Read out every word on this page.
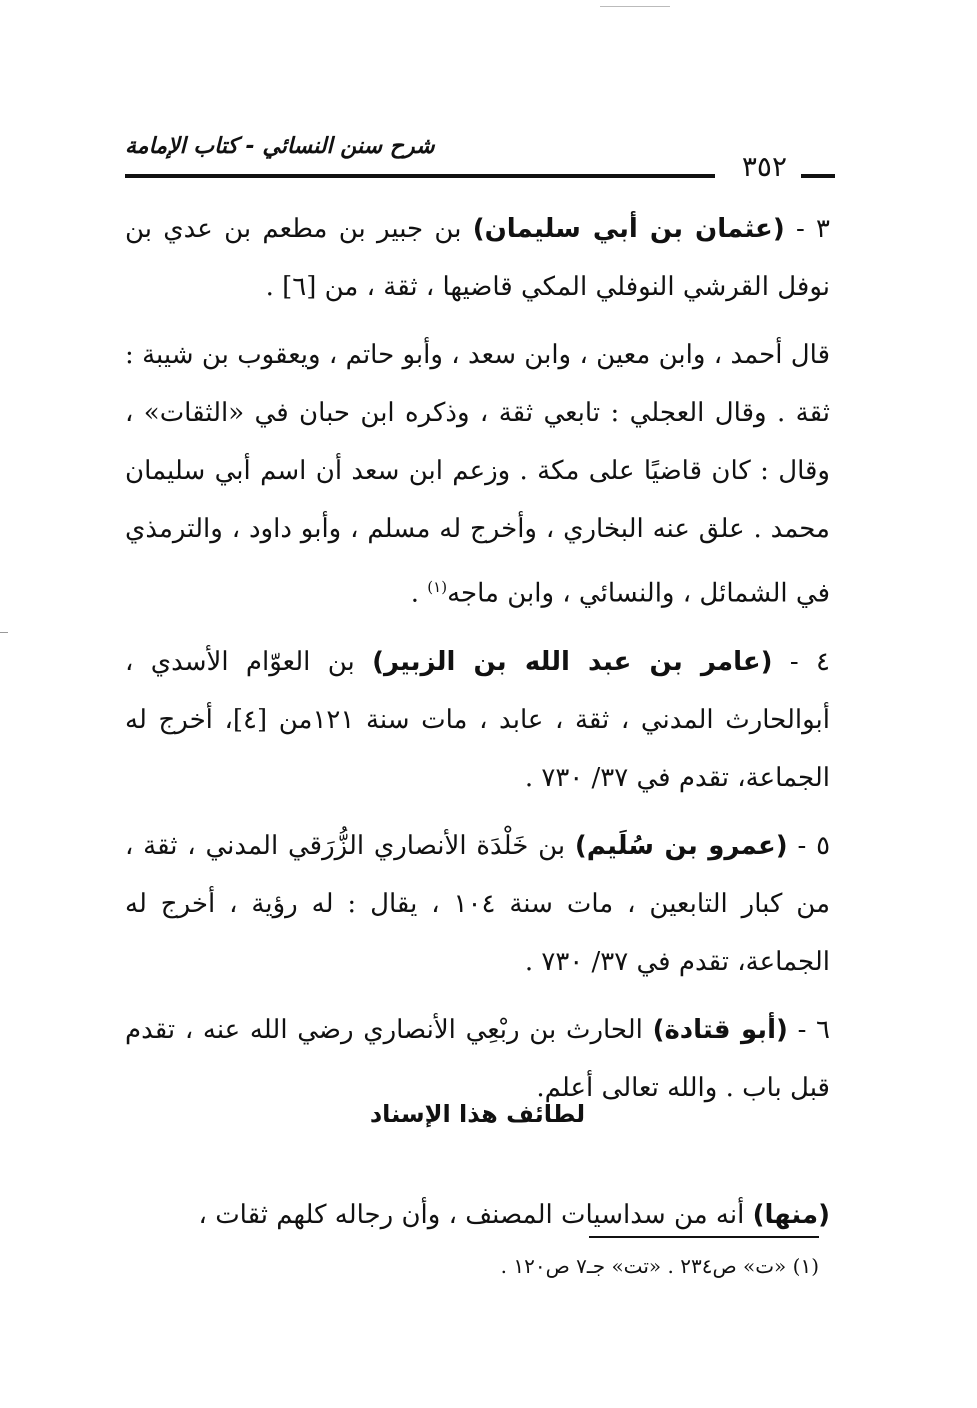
٣٥٢
شرح سنن النسائي - كتاب الإمامة

٣ - (عثمان بن أبي سليمان) بن جبير بن مطعم بن عدي بن نوفل القرشي النوفلي المكي قاضيها ، ثقة ، من [٦] .

قال أحمد ، وابن معين ، وابن سعد ، وأبو حاتم ، ويعقوب بن شيبة : ثقة . وقال العجلي : تابعي ثقة ، وذكره ابن حبان في «الثقات» ، وقال : كان قاضيًا على مكة . وزعم ابن سعد أن اسم أبي سليمان محمد . علق عنه البخاري ، وأخرج له مسلم ، وأبو داود ، والترمذي في الشمائل ، والنسائي ، وابن ماجه$^{(١)}$ .

٤ - (عامر بن عبد الله بن الزبير) بن العوّام الأسدي ، أبوالحارث المدني ، ثقة ، عابد ، مات سنة ١٢١من [٤]، أخرج له الجماعة، تقدم في ٣٧/ ٧٣٠ .

٥ - (عمرو بن سُلَيم) بن خَلْدَة الأنصاري الزُّرَقي المدني ، ثقة ، من كبار التابعين ، مات سنة ١٠٤ ، يقال : له رؤية ، أخرج له الجماعة، تقدم في ٣٧/ ٧٣٠ .

٦ - (أبو قتادة) الحارث بن ربْعِي الأنصاري رضي الله عنه ، تقدم قبل باب . والله تعالى أعلم.

لطائف هذا الإسناد

(منها) أنه من سداسيات المصنف ، وأن رجاله كلهم ثقات ،

(١) «ت» ص٢٣٤ . «تت» جـ٧ ص١٢٠ .
